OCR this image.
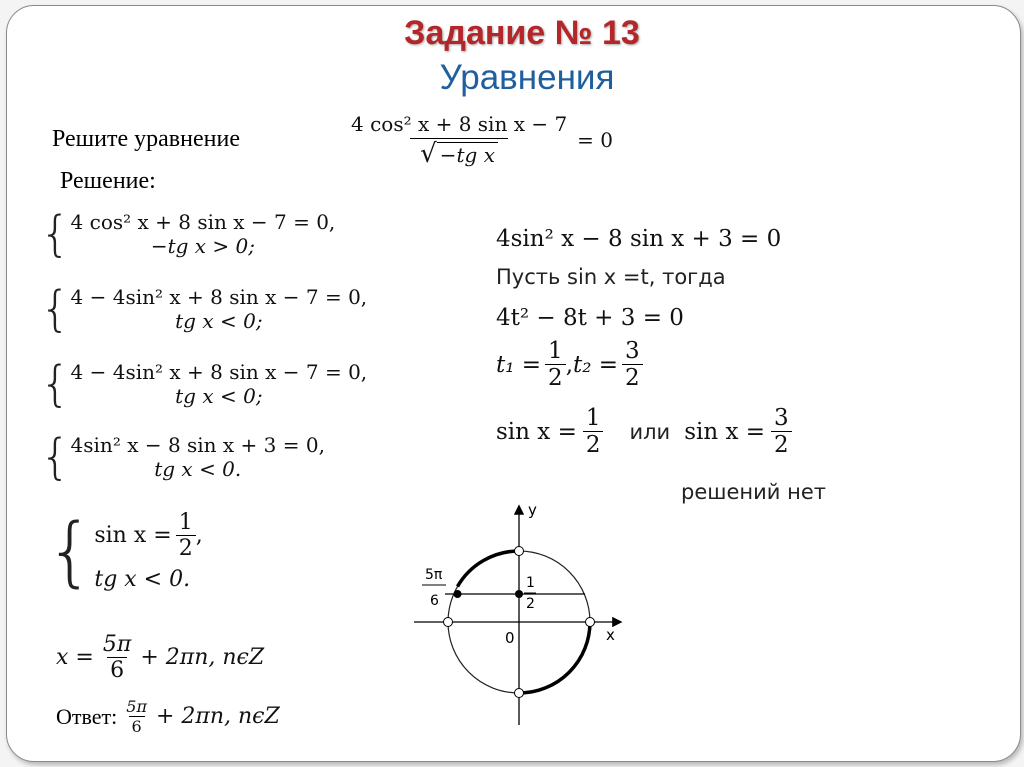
Задание № 13
Уравнения
Решите уравнение	$\frac{\text{4 cos² x + 8 sin x − 7}}{\text{√ −tg x}} = 0$
Решение:
{ 4 cos² x + 8 sin x − 7 = 0,
−tg x > 0;
{ 4 − 4sin² x + 8 sin x − 7 = 0,
tg x < 0;
{ 4 − 4sin² x + 8 sin x − 7 = 0,
tg x < 0;
{ 4sin² x − 8 sin x + 3 = 0,
tg x < 0.
{ $\sin x = \frac{1}{2}$ ,
tg x < 0.
$x = \frac{5\pi}{6} + 2\pi n$, nϵZ
Ответ: $\frac{5\pi}{6} + 2\pi n$, nϵZ
4sin² x − 8 sin x + 3 = 0
Пусть sin x =t, тогда
4t² − 8t + 3 = 0
$t_1 = \frac{1}{2}$ , $t_2 = \frac{3}{2}$
$\sin x = \frac{1}{2}$ или $\sin x = \frac{3}{2}$
решений нет
y
x
0
1
2
5π
6
